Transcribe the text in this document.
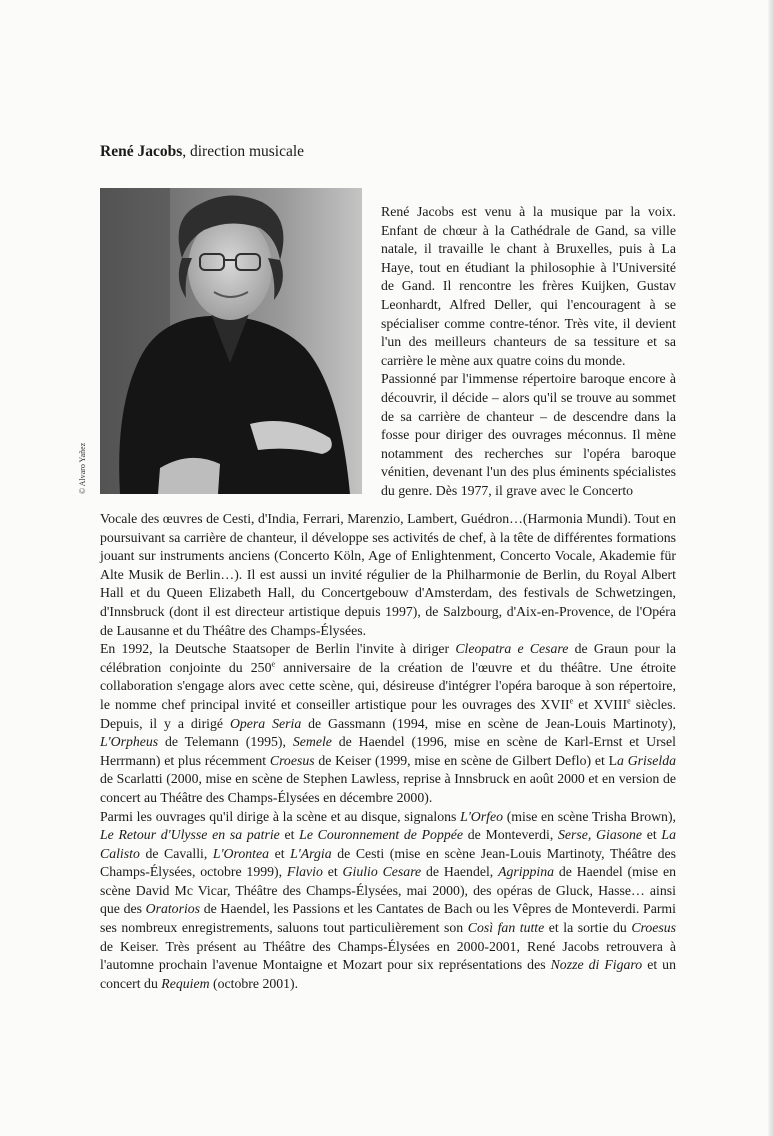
René Jacobs, direction musicale
© Alvaro Yañez

René Jacobs est venu à la musique par la voix. Enfant de chœur à la Cathédrale de Gand, sa ville natale, il travaille le chant à Bruxelles, puis à La Haye, tout en étudiant la philosophie à l'Université de Gand. Il rencontre les frères Kuijken, Gustav Leonhardt, Alfred Deller, qui l'encouragent à se spécialiser comme contre-ténor. Très vite, il devient l'un des meilleurs chanteurs de sa tessiture et sa carrière le mène aux quatre coins du monde.

Passionné par l'immense répertoire baroque encore à découvrir, il décide – alors qu'il se trouve au sommet de sa carrière de chanteur – de descendre dans la fosse pour diriger des ouvrages méconnus. Il mène notamment des recherches sur l'opéra baroque vénitien, devenant l'un des plus éminents spécialistes du genre. Dès 1977, il grave avec le Concerto

Vocale des œuvres de Cesti, d'India, Ferrari, Marenzio, Lambert, Guédron…(Harmonia Mundi). Tout en poursuivant sa carrière de chanteur, il développe ses activités de chef, à la tête de différentes formations jouant sur instruments anciens (Concerto Köln, Age of Enlightenment, Concerto Vocale, Akademie für Alte Musik de Berlin…). Il est aussi un invité régulier de la Philharmonie de Berlin, du Royal Albert Hall et du Queen Elizabeth Hall, du Concertgebouw d'Amsterdam, des festivals de Schwetzingen, d'Innsbruck (dont il est directeur artistique depuis 1997), de Salzbourg, d'Aix-en-Provence, de l'Opéra de Lausanne et du Théâtre des Champs-Élysées.

En 1992, la Deutsche Staatsoper de Berlin l'invite à diriger Cleopatra e Cesare de Graun pour la célébration conjointe du 250e anniversaire de la création de l'œuvre et du théâtre. Une étroite collaboration s'engage alors avec cette scène, qui, désireuse d'intégrer l'opéra baroque à son répertoire, le nomme chef principal invité et conseiller artistique pour les ouvrages des XVIIe et XVIIIe siècles. Depuis, il y a dirigé Opera Seria de Gassmann (1994, mise en scène de Jean-Louis Martinoty), L'Orpheus de Telemann (1995), Semele de Haendel (1996, mise en scène de Karl-Ernst et Ursel Herrmann) et plus récemment Croesus de Keiser (1999, mise en scène de Gilbert Deflo) et La Griselda de Scarlatti (2000, mise en scène de Stephen Lawless, reprise à Innsbruck en août 2000 et en version de concert au Théâtre des Champs-Élysées en décembre 2000).

Parmi les ouvrages qu'il dirige à la scène et au disque, signalons L'Orfeo (mise en scène Trisha Brown), Le Retour d'Ulysse en sa patrie et Le Couronnement de Poppée de Monteverdi, Serse, Giasone et La Calisto de Cavalli, L'Orontea et L'Argia de Cesti (mise en scène Jean-Louis Martinoty, Théâtre des Champs-Élysées, octobre 1999), Flavio et Giulio Cesare de Haendel, Agrippina de Haendel (mise en scène David Mc Vicar, Théâtre des Champs-Élysées, mai 2000), des opéras de Gluck, Hasse… ainsi que des Oratorios de Haendel, les Passions et les Cantates de Bach ou les Vêpres de Monteverdi. Parmi ses nombreux enregistrements, saluons tout particulièrement son Così fan tutte et la sortie du Croesus de Keiser. Très présent au Théâtre des Champs-Élysées en 2000-2001, René Jacobs retrouvera à l'automne prochain l'avenue Montaigne et Mozart pour six représentations des Nozze di Figaro et un concert du Requiem (octobre 2001).
